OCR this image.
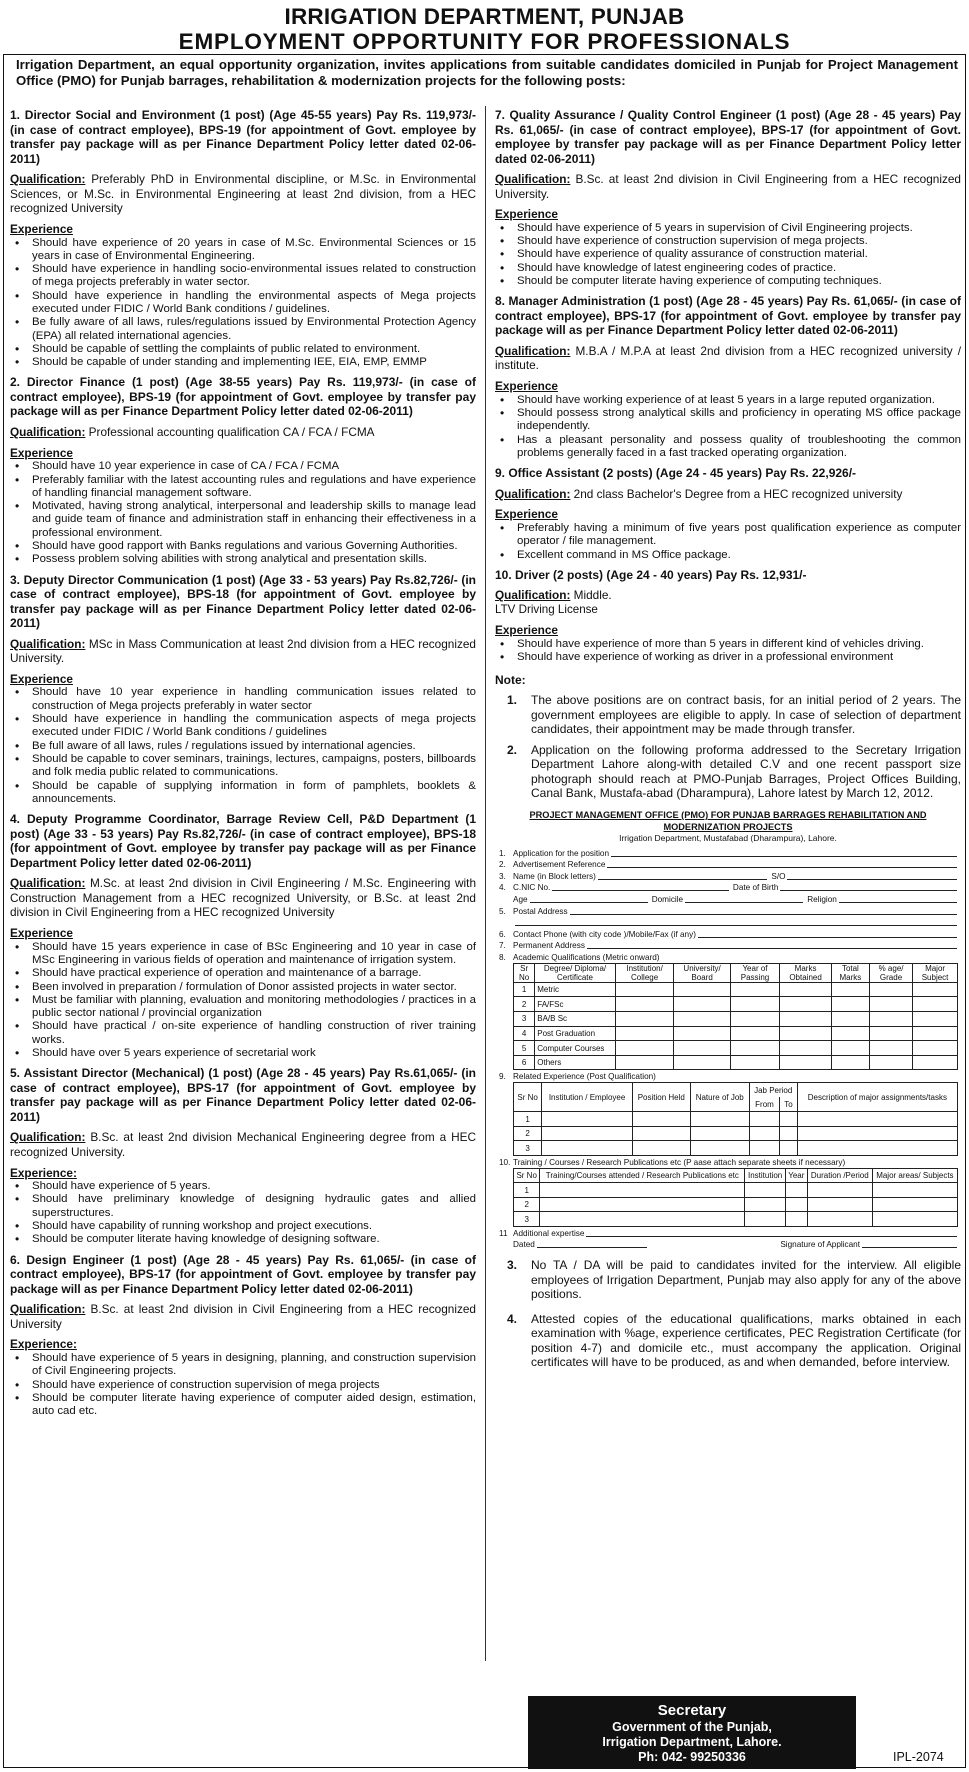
IRRIGATION DEPARTMENT, PUNJAB
EMPLOYMENT OPPORTUNITY FOR PROFESSIONALS
Irrigation Department, an equal opportunity organization, invites applications from suitable candidates domiciled in Punjab for Project Management Office (PMO) for Punjab barrages, rehabilitation & modernization projects for the following posts:
1. Director Social and Environment (1 post) (Age 45-55 years) Pay Rs. 119,973/- (in case of contract employee), BPS-19 (for appointment of Govt. employee by transfer pay package will as per Finance Department Policy letter dated 02-06-2011)
Qualification: Preferably PhD in Environmental discipline, or M.Sc. in Environmental Sciences, or M.Sc. in Environmental Engineering at least 2nd division, from a HEC recognized University
Experience
• Should have experience of 20 years in case of M.Sc. Environmental Sciences or 15 years in case of Environmental Engineering.
• Should have experience in handling socio-environmental issues related to construction of mega projects preferably in water sector.
• Should have experience in handling the environmental aspects of Mega projects executed under FIDIC / World Bank conditions / guidelines.
• Be fully aware of all laws, rules/regulations issued by Environmental Protection Agency (EPA) all related international agencies.
• Should be capable of settling the complaints of public related to environment.
• Should be capable of under standing and implementing IEE, EIA, EMP, EMMP
2. Director Finance (1 post) (Age 38-55 years) Pay Rs. 119,973/- (in case of contract employee), BPS-19 (for appointment of Govt. employee by transfer pay package will as per Finance Department Policy letter dated 02-06-2011)
Qualification: Professional accounting qualification CA / FCA / FCMA
Experience
• Should have 10 year experience in case of CA / FCA / FCMA
• Preferably familiar with the latest accounting rules and regulations and have experience of handling financial management software.
• Motivated, having strong analytical, interpersonal and leadership skills to manage lead and guide team of finance and administration staff in enhancing their effectiveness in a professional environment.
• Should have good rapport with Banks regulations and various Governing Authorities.
• Possess problem solving abilities with strong analytical and presentation skills.
3. Deputy Director Communication (1 post) (Age 33 - 53 years) Pay Rs.82,726/- (in case of contract employee), BPS-18 (for appointment of Govt. employee by transfer pay package will as per Finance Department Policy letter dated 02-06-2011)
Qualification: MSc in Mass Communication at least 2nd division from a HEC recognized University.
Experience
• Should have 10 year experience in handling communication issues related to construction of Mega projects preferably in water sector
• Should have experience in handling the communication aspects of mega projects executed under FIDIC / World Bank conditions / guidelines
• Be full aware of all laws, rules / regulations issued by international agencies.
• Should be capable to cover seminars, trainings, lectures, campaigns, posters, billboards and folk media public related to communications.
• Should be capable of supplying information in form of pamphlets, booklets & announcements.
4. Deputy Programme Coordinator, Barrage Review Cell, P&D Department (1 post) (Age 33 - 53 years) Pay Rs.82,726/- (in case of contract employee), BPS-18 (for appointment of Govt. employee by transfer pay package will as per Finance Department Policy letter dated 02-06-2011)
Qualification: M.Sc. at least 2nd division in Civil Engineering / M.Sc. Engineering with Construction Management from a HEC recognized University, or B.Sc. at least 2nd division in Civil Engineering from a HEC recognized University
Experience
• Should have 15 years experience in case of BSc Engineering and 10 year in case of MSc Engineering in various fields of operation and maintenance of irrigation system.
• Should have practical experience of operation and maintenance of a barrage.
• Been involved in preparation / formulation of Donor assisted projects in water sector.
• Must be familiar with planning, evaluation and monitoring methodologies / practices in a public sector national / provincial organization
• Should have practical / on-site experience of handling construction of river training works.
• Should have over 5 years experience of secretarial work
5. Assistant Director (Mechanical) (1 post) (Age 28 - 45 years) Pay Rs.61,065/- (in case of contract employee), BPS-17 (for appointment of Govt. employee by transfer pay package will as per Finance Department Policy letter dated 02-06-2011)
Qualification: B.Sc. at least 2nd division Mechanical Engineering degree from a HEC recognized University.
Experience:
• Should have experience of 5 years.
• Should have preliminary knowledge of designing hydraulic gates and allied superstructures.
• Should have capability of running workshop and project executions.
• Should be computer literate having knowledge of designing software.
6. Design Engineer (1 post) (Age 28 - 45 years) Pay Rs. 61,065/- (in case of contract employee), BPS-17 (for appointment of Govt. employee by transfer pay package will as per Finance Department Policy letter dated 02-06-2011)
Qualification: B.Sc. at least 2nd division in Civil Engineering from a HEC recognized University
Experience:
• Should have experience of 5 years in designing, planning, and construction supervision of Civil Engineering projects.
• Should have experience of construction supervision of mega projects
• Should be computer literate having experience of computer aided design, estimation, auto cad etc.
7. Quality Assurance / Quality Control Engineer (1 post) (Age 28 - 45 years) Pay Rs. 61,065/- (in case of contract employee), BPS-17 (for appointment of Govt. employee by transfer pay package will as per Finance Department Policy letter dated 02-06-2011)
Qualification: B.Sc. at least 2nd division in Civil Engineering from a HEC recognized University.
Experience
• Should have experience of 5 years in supervision of Civil Engineering projects.
• Should have experience of construction supervision of mega projects.
• Should have experience of quality assurance of construction material.
• Should have knowledge of latest engineering codes of practice.
• Should be computer literate having experience of computing techniques.
8. Manager Administration (1 post) (Age 28 - 45 years) Pay Rs. 61,065/- (in case of contract employee), BPS-17 (for appointment of Govt. employee by transfer pay package will as per Finance Department Policy letter dated 02-06-2011)
Qualification: M.B.A / M.P.A at least 2nd division from a HEC recognized university / institute.
Experience
• Should have working experience of at least 5 years in a large reputed organization.
• Should possess strong analytical skills and proficiency in operating MS office package independently.
• Has a pleasant personality and possess quality of troubleshooting the common problems generally faced in a fast tracked operating organization.
9. Office Assistant (2 posts) (Age 24 - 45 years) Pay Rs. 22,926/-
Qualification: 2nd class Bachelor's Degree from a HEC recognized university
Experience
• Preferably having a minimum of five years post qualification experience as computer operator / file management.
• Excellent command in MS Office package.
10. Driver (2 posts) (Age 24 - 40 years) Pay Rs. 12,931/-
Qualification: Middle.
LTV Driving License
Experience
• Should have experience of more than 5 years in different kind of vehicles driving.
• Should have experience of working as driver in a professional environment
Note:
1.	The above positions are on contract basis, for an initial period of 2 years. The government employees are eligible to apply. In case of selection of department candidates, their appointment may be made through transfer.
2.	Application on the following proforma addressed to the Secretary Irrigation Department Lahore along-with detailed C.V and one recent passport size photograph should reach at PMO-Punjab Barrages, Project Offices Building, Canal Bank, Mustafa-abad (Dharampura), Lahore latest by March 12, 2012.
PROJECT MANAGEMENT OFFICE (PMO) FOR PUNJAB BARRAGES REHABILITATION AND
MODERNIZATION PROJECTS
Irrigation Department, Mustafabad (Dharampura), Lahore.
1. Application for the position
2. Advertisement Reference
3. Name (in Block letters)	S/O
4. C.NIC No.	Date of Birth
Age	Domicile	Religion
5. Postal Address
6. Contact Phone (with city code )/Mobile/Fax (if any)
7. Permanent Address
8. Academic Qualifications (Metric onward)
Sr No	Degree/ Diploma/ Certificate	Institution/ College	University/ Board	Year of Passing	Marks Obtained	Total Marks	% age/ Grade	Major Subject
1	Metric							
2	FA/FSc							
3	BA/B Sc							
4	Post Graduation							
5	Computer Courses							
6	Others							
9. Related Experience (Post Qualification)
Sr No	Institution / Employee	Position Held	Nature of Job	Jab Period		Description of major assignments/tasks
				From	To	
1						
2						
3						
10. Training / Courses / Research Publications etc (P aase attach separate sheets if necessary)
Sr No	Training/Courses attended / Research Publications etc	Institution	Year	Duration /Period	Major areas/ Subjects
1					
2					
3					
11 Additional expertise
Dated	Signature of Applicant
3.	No TA / DA will be paid to candidates invited for the interview. All eligible employees of Irrigation Department, Punjab may also apply for any of the above positions.
4.	Attested copies of the educational qualifications, marks obtained in each examination with %age, experience certificates, PEC Registration Certificate (for position 4-7) and domicile etc., must accompany the application. Original certificates will have to be produced, as and when demanded, before interview.
Secretary
Government of the Punjab,
Irrigation Department, Lahore.
Ph: 042- 99250336	IPL-2074
